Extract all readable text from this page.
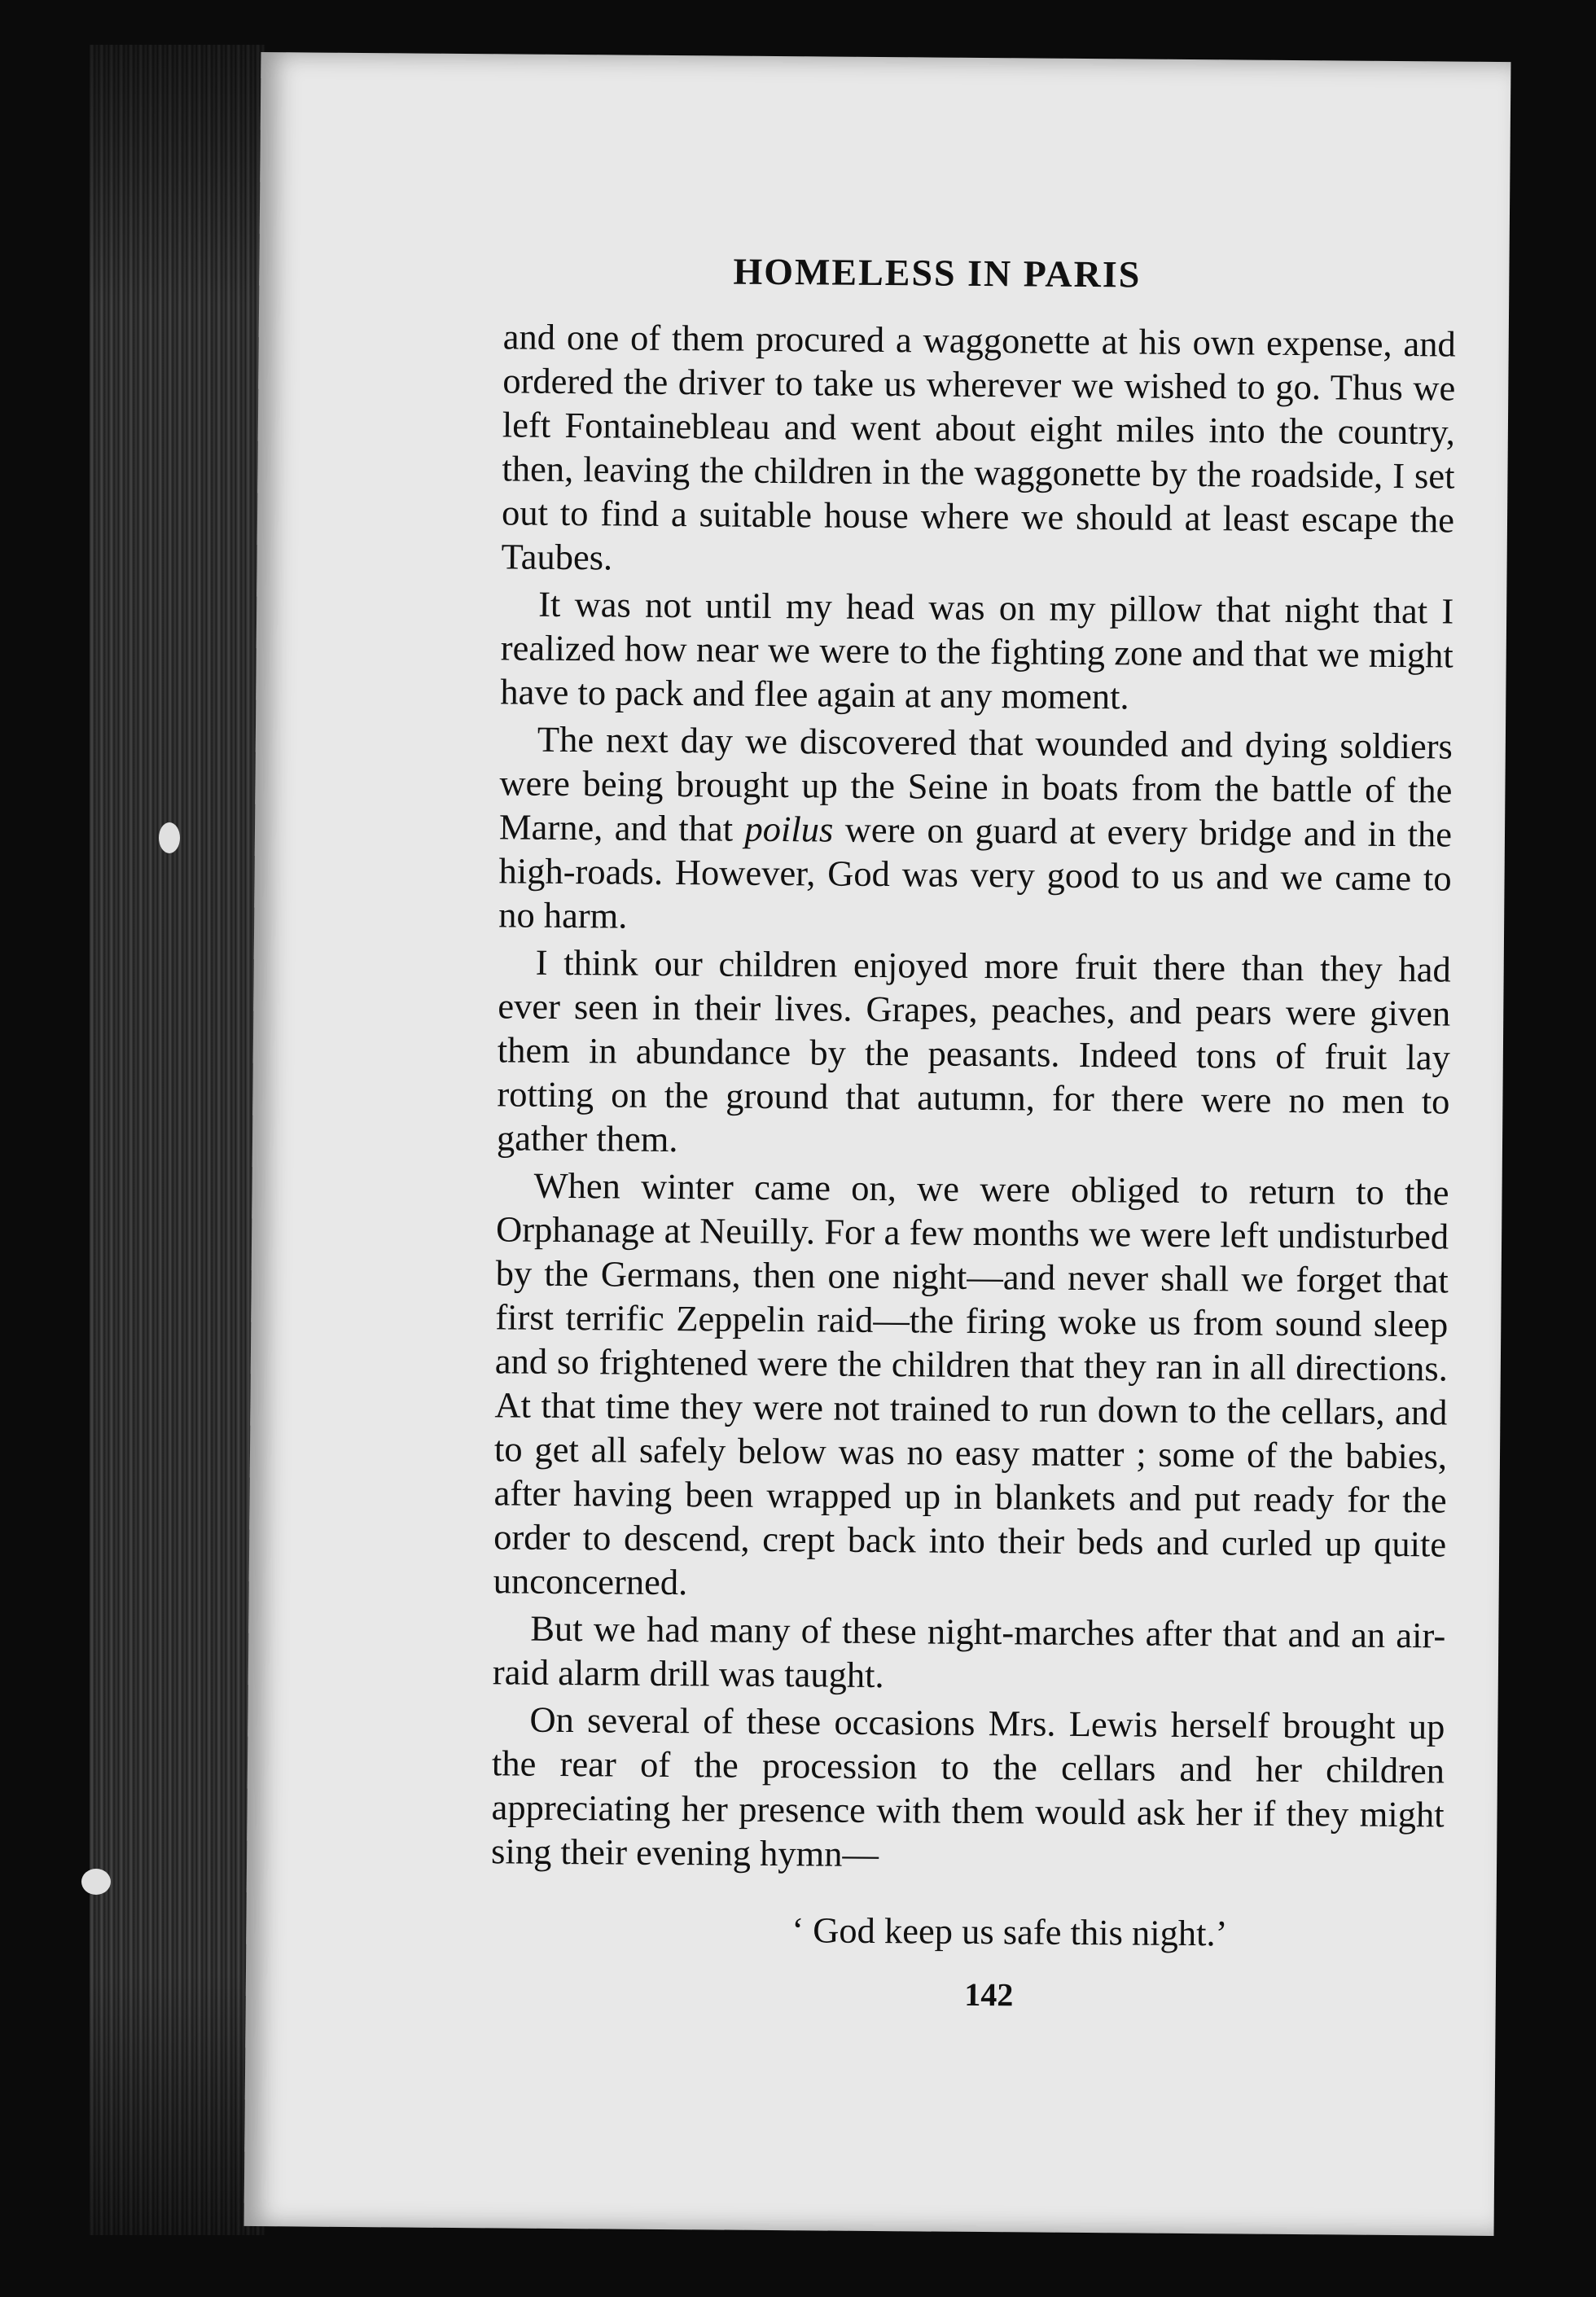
HOMELESS IN PARIS

and one of them procured a waggonette at his own expense, and ordered the driver to take us wherever we wished to go. Thus we left Fontainebleau and went about eight miles into the country, then, leaving the children in the waggonette by the roadside, I set out to find a suitable house where we should at least escape the Taubes.

It was not until my head was on my pillow that night that I realized how near we were to the fighting zone and that we might have to pack and flee again at any moment.

The next day we discovered that wounded and dying soldiers were being brought up the Seine in boats from the battle of the Marne, and that poilus were on guard at every bridge and in the high-roads. However, God was very good to us and we came to no harm.

I think our children enjoyed more fruit there than they had ever seen in their lives. Grapes, peaches, and pears were given them in abundance by the peasants. Indeed tons of fruit lay rotting on the ground that autumn, for there were no men to gather them.

When winter came on, we were obliged to return to the Orphanage at Neuilly. For a few months we were left undisturbed by the Germans, then one night—and never shall we forget that first terrific Zeppelin raid—the firing woke us from sound sleep and so frightened were the children that they ran in all directions. At that time they were not trained to run down to the cellars, and to get all safely below was no easy matter ; some of the babies, after having been wrapped up in blankets and put ready for the order to descend, crept back into their beds and curled up quite unconcerned.

But we had many of these night-marches after that and an air-raid alarm drill was taught.

On several of these occasions Mrs. Lewis herself brought up the rear of the procession to the cellars and her children appreciating her presence with them would ask her if they might sing their evening hymn—

‘ God keep us safe this night.’
142
